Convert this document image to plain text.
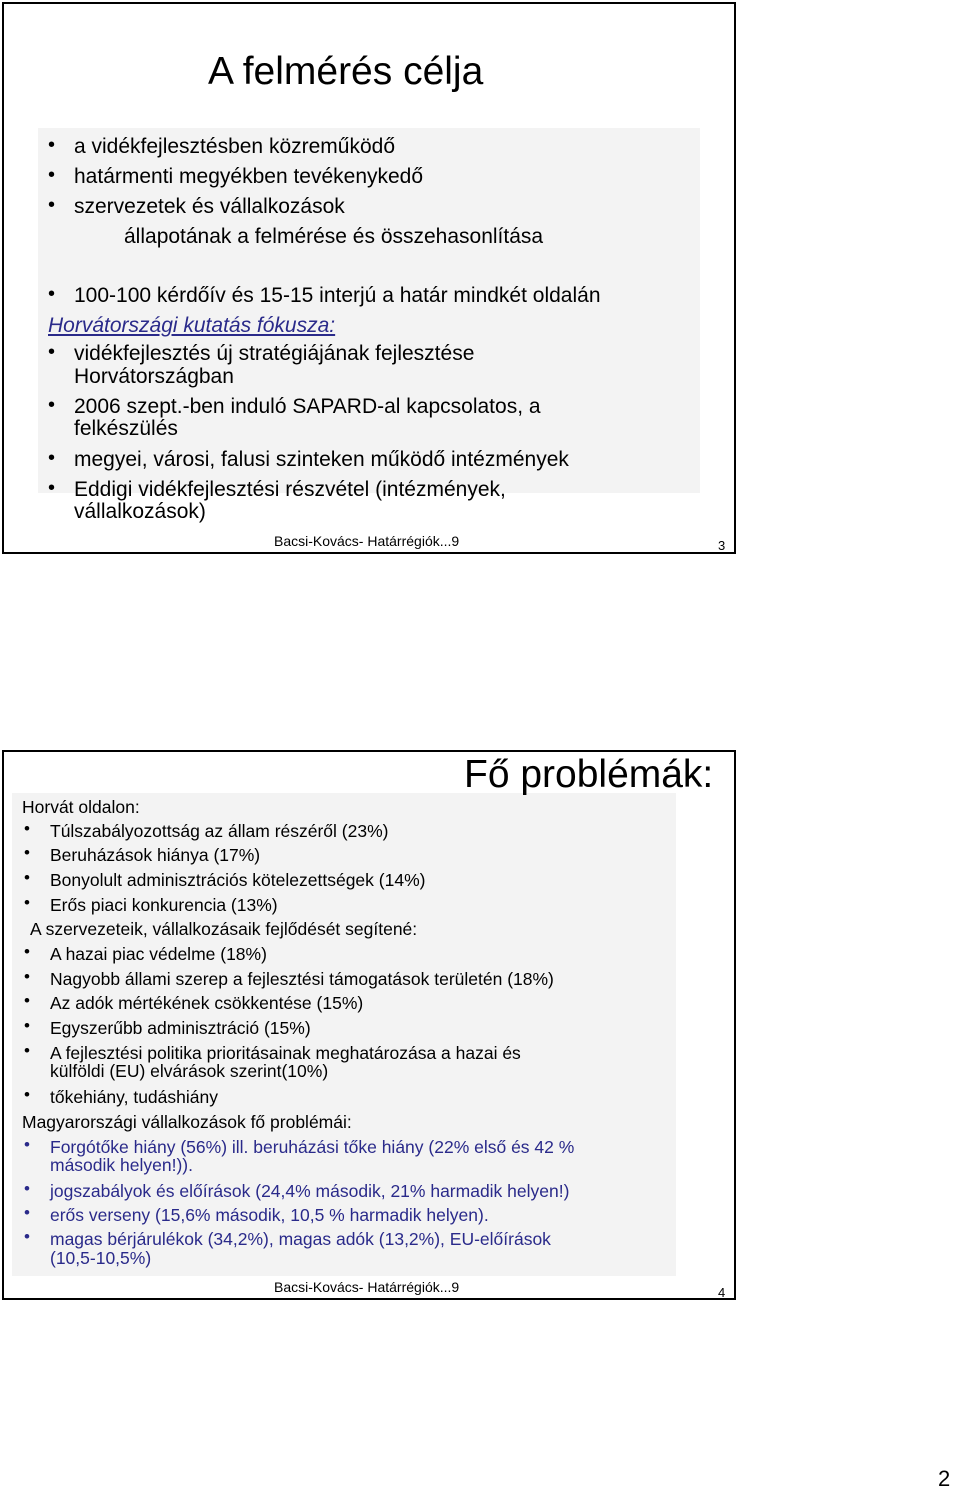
A felmérés célja
• a vidékfejlesztésben közreműködő
• határmenti megyékben tevékenykedő
• szervezetek és vállalkozások
állapotának a felmérése és összehasonlítása
• 100-100 kérdőív és 15-15 interjú a határ mindkét oldalán
Horvátországi kutatás fókusza:
• vidékfejlesztés új stratégiájának fejlesztése
Horvátországban
• 2006 szept.-ben induló SAPARD-al kapcsolatos, a
felkészülés
• megyei, városi, falusi szinteken működő intézmények
• Eddigi vidékfejlesztési részvétel (intézmények,
vállalkozások)
Bacsi-Kovács- Határrégiók...9	3
Fő problémák:
Horvát oldalon:
• Túlszabályozottság az állam részéről (23%)
• Beruházások hiánya (17%)
• Bonyolult adminisztrációs kötelezettségek (14%)
• Erős piaci konkurencia (13%)
A szervezeteik, vállalkozásaik fejlődését segítené:
• A hazai piac védelme (18%)
• Nagyobb állami szerep a fejlesztési támogatások területén (18%)
• Az adók mértékének csökkentése (15%)
• Egyszerűbb adminisztráció (15%)
• A fejlesztési politika prioritásainak meghatározása a hazai és
külföldi (EU) elvárások szerint(10%)
• tőkehiány, tudáshiány
Magyarországi vállalkozások fő problémái:
• Forgótőke hiány (56%) ill. beruházási tőke hiány (22% első és 42 %
második helyen!)).
• jogszabályok és előírások (24,4% második, 21% harmadik helyen!)
• erős verseny (15,6% második, 10,5 % harmadik helyen).
• magas bérjárulékok (34,2%), magas adók (13,2%), EU-előírások
(10,5-10,5%)
Bacsi-Kovács- Határrégiók...9	4
2
